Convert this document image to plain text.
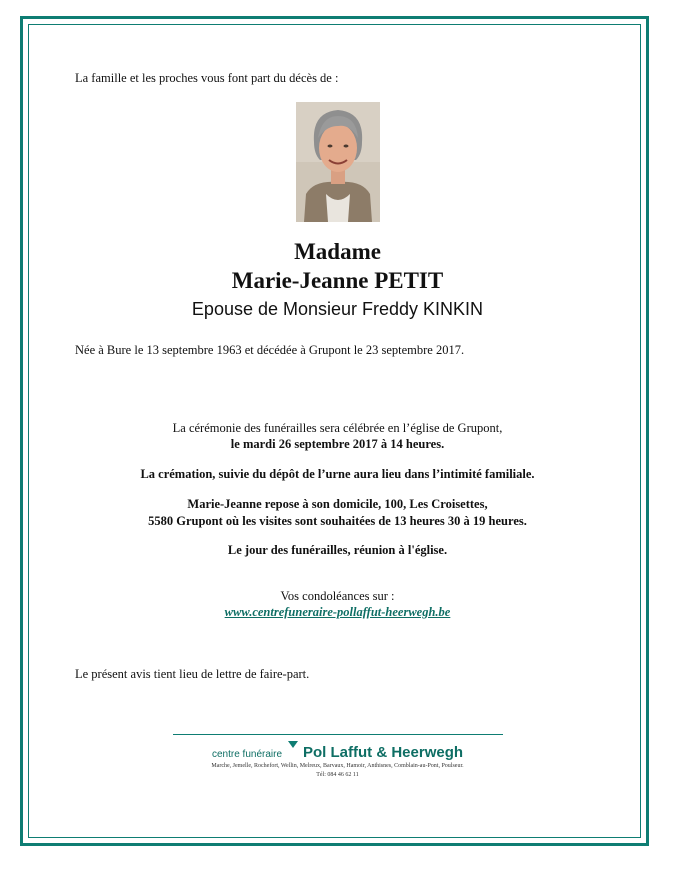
La famille et les proches vous font part du décès de :
Madame
Marie-Jeanne PETIT
Epouse de Monsieur Freddy KINKIN
Née à Bure le 13 septembre 1963 et décédée à Grupont le 23 septembre 2017.
La cérémonie des funérailles sera célébrée en l’église de Grupont,
le mardi 26 septembre 2017 à 14 heures.
La crémation, suivie du dépôt de l’urne aura lieu dans l’intimité familiale.
Marie-Jeanne repose à son domicile, 100, Les Croisettes,
5580 Grupont où les visites sont souhaitées de 13 heures 30 à 19 heures.
Le jour des funérailles, réunion à l'église.
Vos condoléances sur :
www.centrefuneraire-pollaffut-heerwegh.be
Le présent avis tient lieu de lettre de faire-part.
centre funéraire Pol Laffut & Heerwegh
Marche, Jemelle, Rochefort, Wellin, Melreux, Barvaux, Hamoir, Anthisnes, Comblain-au-Pont, Poulseur.
Tél: 084 46 62 11
